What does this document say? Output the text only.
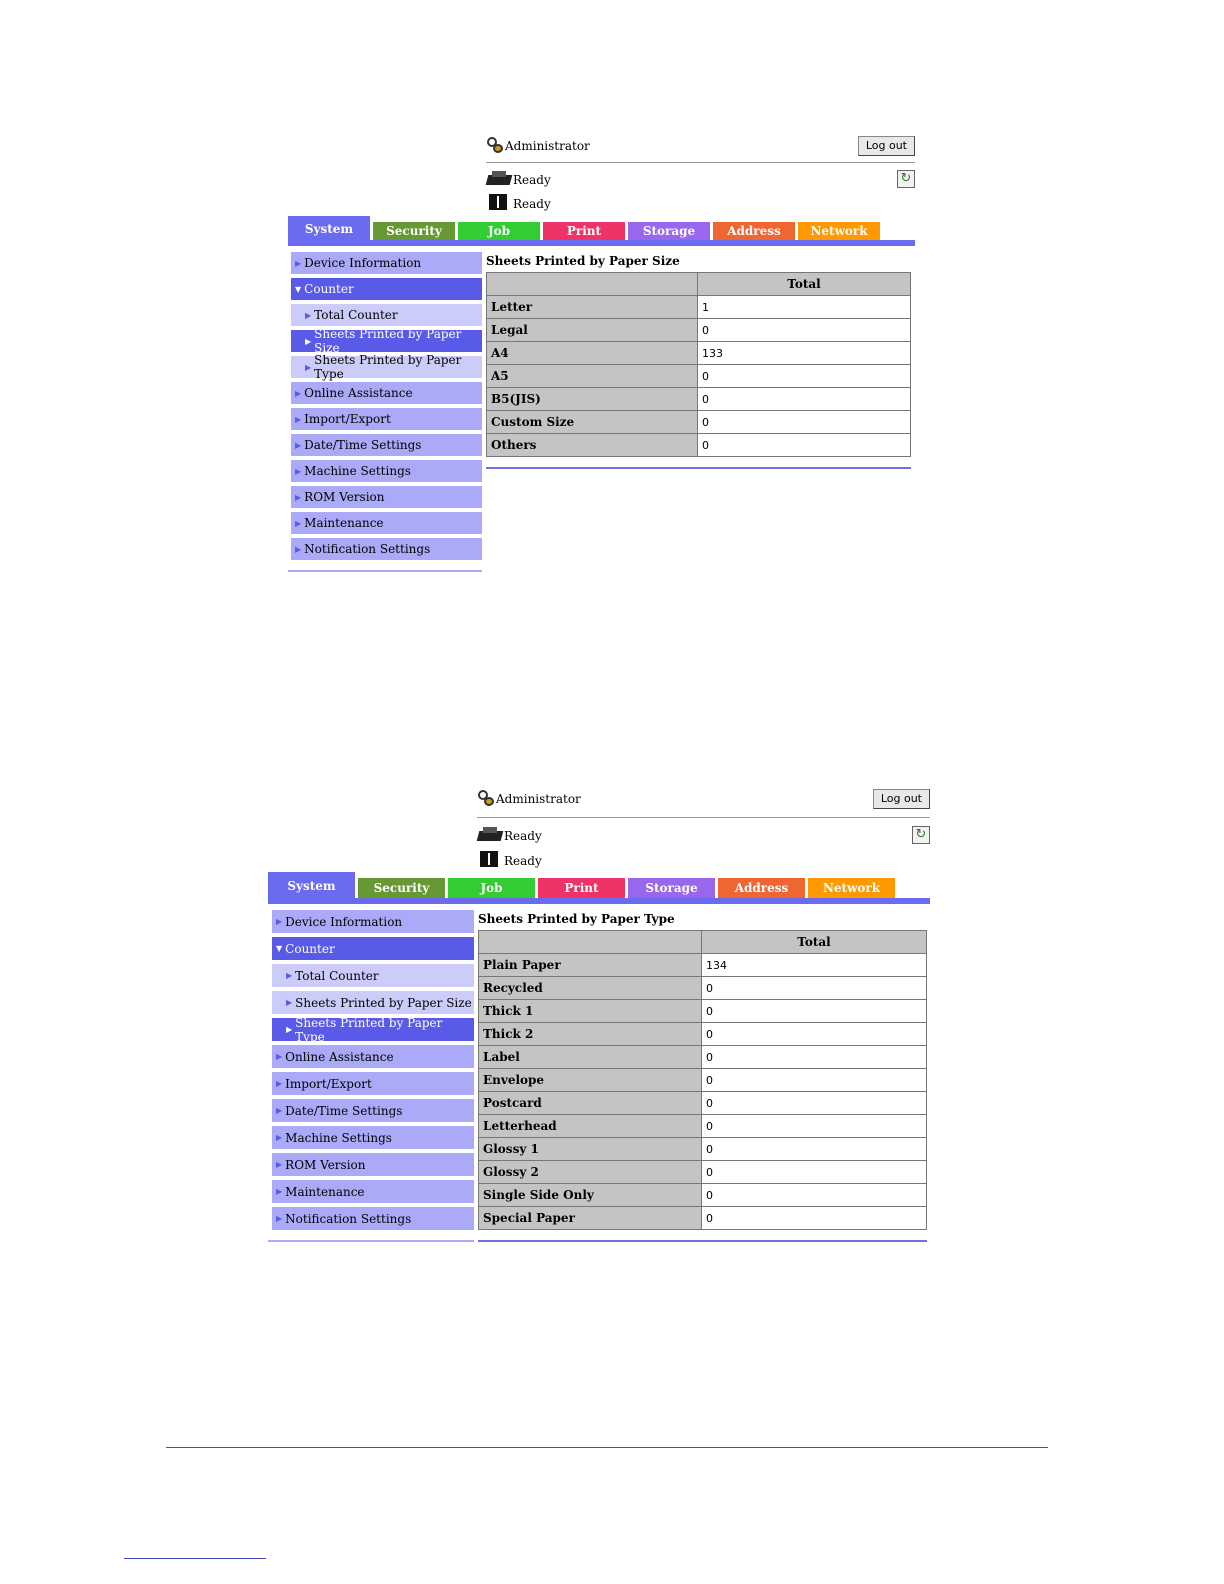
Administrator	Log out
Ready	↻
Ready
System	Security	Job	Print	Storage	Address	Network
▶ Device Information
▼ Counter
▶ Total Counter
▶ Sheets Printed by Paper Size
▶ Sheets Printed by Paper Type
▶ Online Assistance
▶ Import/Export
▶ Date/Time Settings
▶ Machine Settings
▶ ROM Version
▶ Maintenance
▶ Notification Settings
Sheets Printed by Paper Size
	Total
Letter	1
Legal	0
A4	133
A5	0
B5(JIS)	0
Custom Size	0
Others	0
Administrator	Log out
Ready	↻
Ready
System	Security	Job	Print	Storage	Address	Network
▶ Device Information
▼ Counter
▶ Total Counter
▶ Sheets Printed by Paper Size
▶ Sheets Printed by Paper Type
▶ Online Assistance
▶ Import/Export
▶ Date/Time Settings
▶ Machine Settings
▶ ROM Version
▶ Maintenance
▶ Notification Settings
Sheets Printed by Paper Type
	Total
Plain Paper	134
Recycled	0
Thick 1	0
Thick 2	0
Label	0
Envelope	0
Postcard	0
Letterhead	0
Glossy 1	0
Glossy 2	0
Single Side Only	0
Special Paper	0
